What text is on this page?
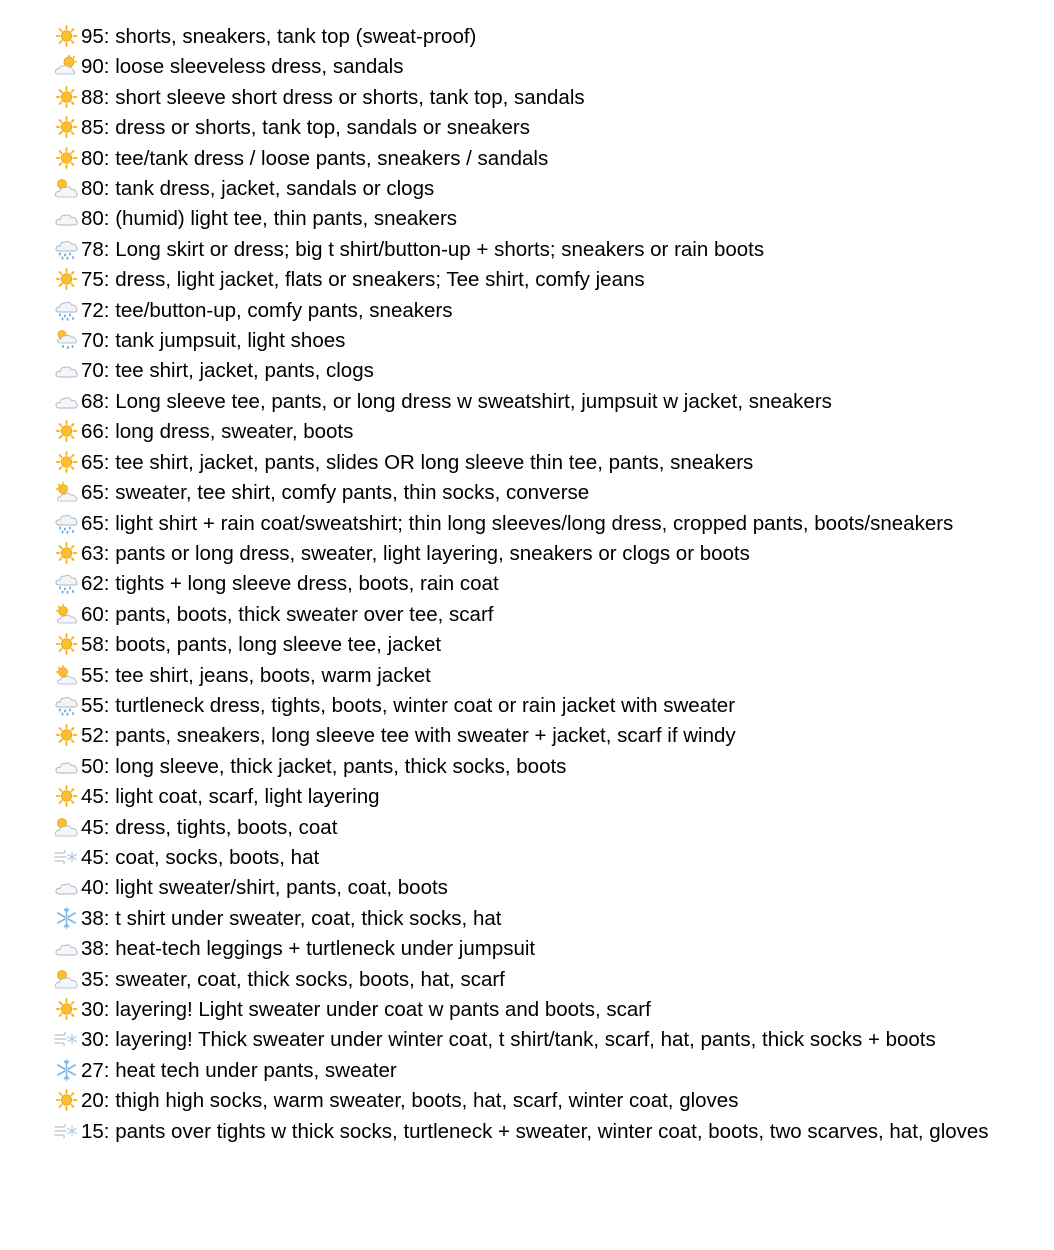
95: shorts, sneakers, tank top (sweat-proof)
90: loose sleeveless dress, sandals
88: short sleeve short dress or shorts, tank top, sandals
85: dress or shorts, tank top, sandals or sneakers
80: tee/tank dress / loose pants, sneakers / sandals
80: tank dress, jacket, sandals or clogs
80: (humid) light tee, thin pants, sneakers
78: Long skirt or dress; big t shirt/button-up + shorts; sneakers or rain boots
75: dress, light jacket, flats or sneakers; Tee shirt, comfy jeans
72: tee/button-up, comfy pants, sneakers
70: tank jumpsuit, light shoes
70: tee shirt, jacket, pants, clogs
68: Long sleeve tee, pants, or long dress w sweatshirt, jumpsuit w jacket, sneakers
66: long dress, sweater, boots
65: tee shirt, jacket, pants, slides OR long sleeve thin tee, pants, sneakers
65: sweater, tee shirt, comfy pants, thin socks, converse
65: light shirt + rain coat/sweatshirt; thin long sleeves/long dress, cropped pants, boots/sneakers
63: pants or long dress, sweater, light layering, sneakers or clogs or boots
62: tights + long sleeve dress, boots, rain coat
60: pants, boots, thick sweater over tee, scarf
58: boots, pants, long sleeve tee, jacket
55: tee shirt, jeans, boots, warm jacket
55: turtleneck dress, tights, boots, winter coat or rain jacket with sweater
52: pants, sneakers, long sleeve tee with sweater + jacket, scarf if windy
50: long sleeve, thick jacket, pants, thick socks, boots
45: light coat, scarf, light layering
45: dress, tights, boots, coat
45: coat, socks, boots, hat
40: light sweater/shirt, pants, coat, boots
38: t shirt under sweater, coat, thick socks, hat
38: heat-tech leggings + turtleneck under jumpsuit
35: sweater, coat, thick socks, boots, hat, scarf
30: layering! Light sweater under coat w pants and boots, scarf
30: layering! Thick sweater under winter coat, t shirt/tank, scarf, hat, pants, thick socks + boots
27: heat tech under pants, sweater
20: thigh high socks, warm sweater, boots, hat, scarf, winter coat, gloves
15: pants over tights w thick socks, turtleneck + sweater, winter coat, boots, two scarves, hat, gloves
